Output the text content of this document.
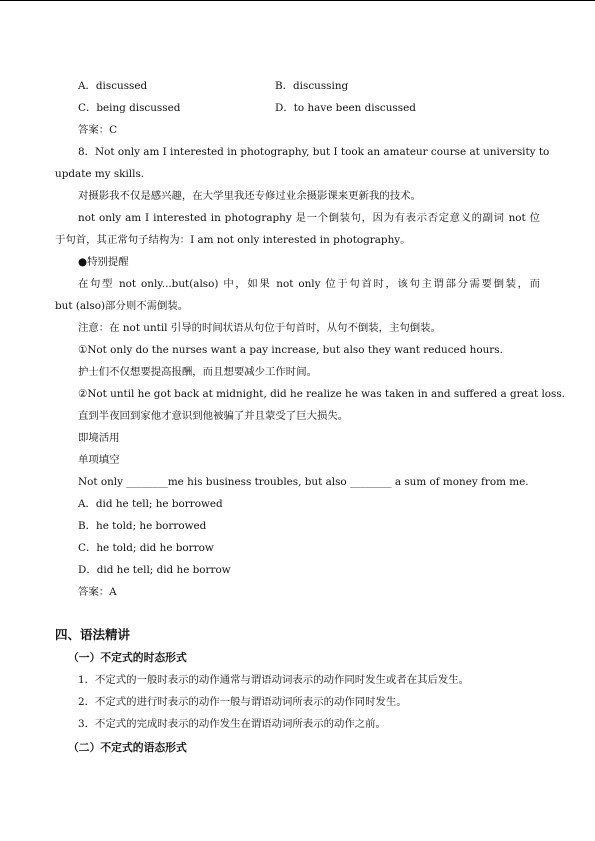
A．discussed	B．discussing
C．being discussed	D．to have been discussed
答案：C
8．Not only am I interested in photography, but I took an amateur course at university to
update my skills.
对摄影我不仅是感兴趣，在大学里我还专修过业余摄影课来更新我的技术。
not only am I interested in photography 是一个倒装句，因为有表示否定意义的副词 not 位
于句首，其正常句子结构为：I am not only interested in photography。
●特别提醒
在句型 not only...but(also) 中，如果 not only 位于句首时，该句主谓部分需要倒装，而
but (also)部分则不需倒装。
注意：在 not until 引导的时间状语从句位于句首时，从句不倒装，主句倒装。
①Not only do the nurses want a pay increase, but also they want reduced hours.
护士们不仅想要提高报酬，而且想要减少工作时间。
②Not until he got back at midnight, did he realize he was taken in and suffered a great loss.
直到半夜回到家他才意识到他被骗了并且蒙受了巨大损失。
即境活用
单项填空
Not only ________me his business troubles, but also ________ a sum of money from me.
A．did he tell; he borrowed
B．he told; he borrowed
C．he told; did he borrow
D．did he tell; did he borrow
答案：A
四、语法精讲
（一）不定式的时态形式
1．不定式的一般时表示的动作通常与谓语动词表示的动作同时发生或者在其后发生。
2．不定式的进行时表示的动作一般与谓语动词所表示的动作同时发生。
3．不定式的完成时表示的动作发生在谓语动词所表示的动作之前。
（二）不定式的语态形式
